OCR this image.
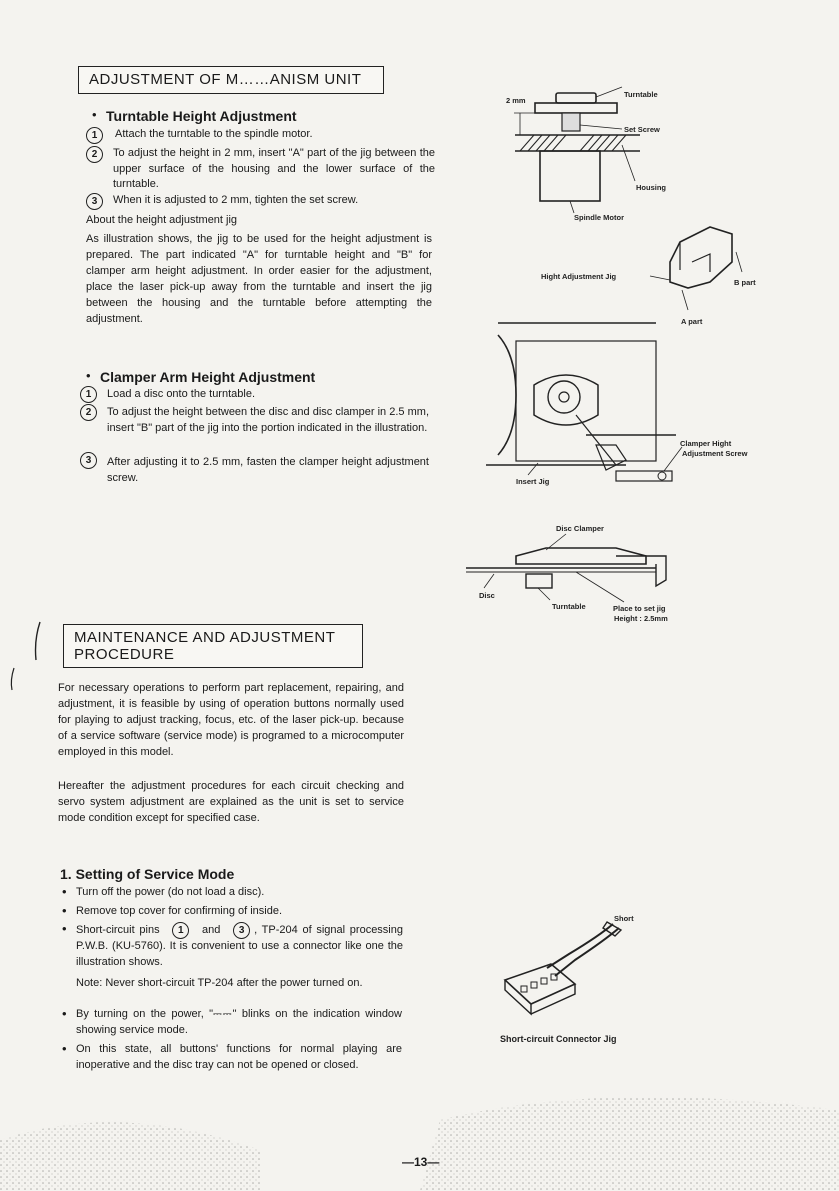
ADJUSTMENT OF M……ANISM UNIT
• Turntable Height Adjustment
1	Attach the turntable to the spindle motor.
2	To adjust the height in 2 mm, insert "A" part of the jig between the upper surface of the housing and the lower surface of the turntable.
3	When it is adjusted to 2 mm, tighten the set screw.
About the height adjustment jig
As illustration shows, the jig to be used for the height adjustment is prepared. The part indicated "A" for turntable height and "B" for clamper arm height adjustment. In order easier for the adjustment, place the laser pick-up away from the turntable and insert the jig between the housing and the turntable before attempting the adjustment.
• Clamper Arm Height Adjustment
1	Load a disc onto the turntable.
2	To adjust the height between the disc and disc clamper in 2.5 mm, insert "B" part of the jig into the portion indicated in the illustration.
3	After adjusting it to 2.5 mm, fasten the clamper height adjustment screw.
MAINTENANCE AND ADJUSTMENT
PROCEDURE
For necessary operations to perform part replacement, repairing, and adjustment, it is feasible by using of operation buttons normally used for playing to adjust tracking, focus, etc. of the laser pick-up. because of a service software (service mode) is programed to a microcomputer employed in this model.
Hereafter the adjustment procedures for each circuit checking and servo system adjustment are explained as the unit is set to service mode condition except for specified case.
1. Setting of Service Mode
• Turn off the power (do not load a disc).
• Remove top cover for confirming of inside.
• Short-circuit pins 1 and 3 , TP-204 of signal processing P.W.B. (KU-5760). It is convenient to use a connector like one the illustration shows.
Note: Never short-circuit TP-204 after the power turned on.
• By turning on the power, "⎓⎓" blinks on the indication window showing service mode.
• On this state, all buttons' functions for normal playing are inoperative and the disc tray can not be opened or closed.
2 mm
Turntable
Set Screw
Housing
Spindle Motor
Hight Adjustment Jig
B part
A part
Insert Jig
Clamper Hight
Adjustment Screw
Disc Clamper
Disc
Turntable	Place to set jig
Height : 2.5mm
Short
Short-circuit Connector Jig
—13—
